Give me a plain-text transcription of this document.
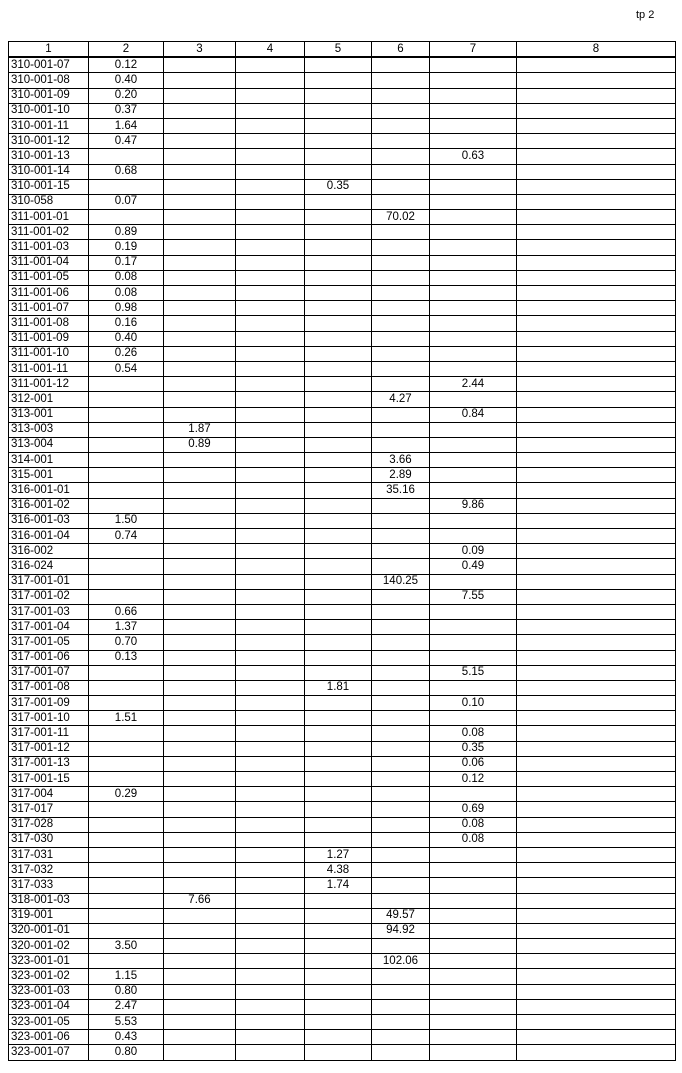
tp 2
1	2	3	4	5	6	7	8
310-001-07	0.12						
310-001-08	0.40						
310-001-09	0.20						
310-001-10	0.37						
310-001-11	1.64						
310-001-12	0.47						
310-001-13						0.63	
310-001-14	0.68						
310-001-15				0.35			
310-058	0.07						
311-001-01					70.02		
311-001-02	0.89						
311-001-03	0.19						
311-001-04	0.17						
311-001-05	0.08						
311-001-06	0.08						
311-001-07	0.98						
311-001-08	0.16						
311-001-09	0.40						
311-001-10	0.26						
311-001-11	0.54						
311-001-12						2.44	
312-001					4.27		
313-001						0.84	
313-003		1.87					
313-004		0.89					
314-001					3.66		
315-001					2.89		
316-001-01					35.16		
316-001-02						9.86	
316-001-03	1.50						
316-001-04	0.74						
316-002						0.09	
316-024						0.49	
317-001-01					140.25		
317-001-02						7.55	
317-001-03	0.66						
317-001-04	1.37						
317-001-05	0.70						
317-001-06	0.13						
317-001-07						5.15	
317-001-08				1.81			
317-001-09						0.10	
317-001-10	1.51						
317-001-11						0.08	
317-001-12						0.35	
317-001-13						0.06	
317-001-15						0.12	
317-004	0.29						
317-017						0.69	
317-028						0.08	
317-030						0.08	
317-031				1.27			
317-032				4.38			
317-033				1.74			
318-001-03		7.66					
319-001					49.57		
320-001-01					94.92		
320-001-02	3.50						
323-001-01					102.06		
323-001-02	1.15						
323-001-03	0.80						
323-001-04	2.47						
323-001-05	5.53						
323-001-06	0.43						
323-001-07	0.80						
